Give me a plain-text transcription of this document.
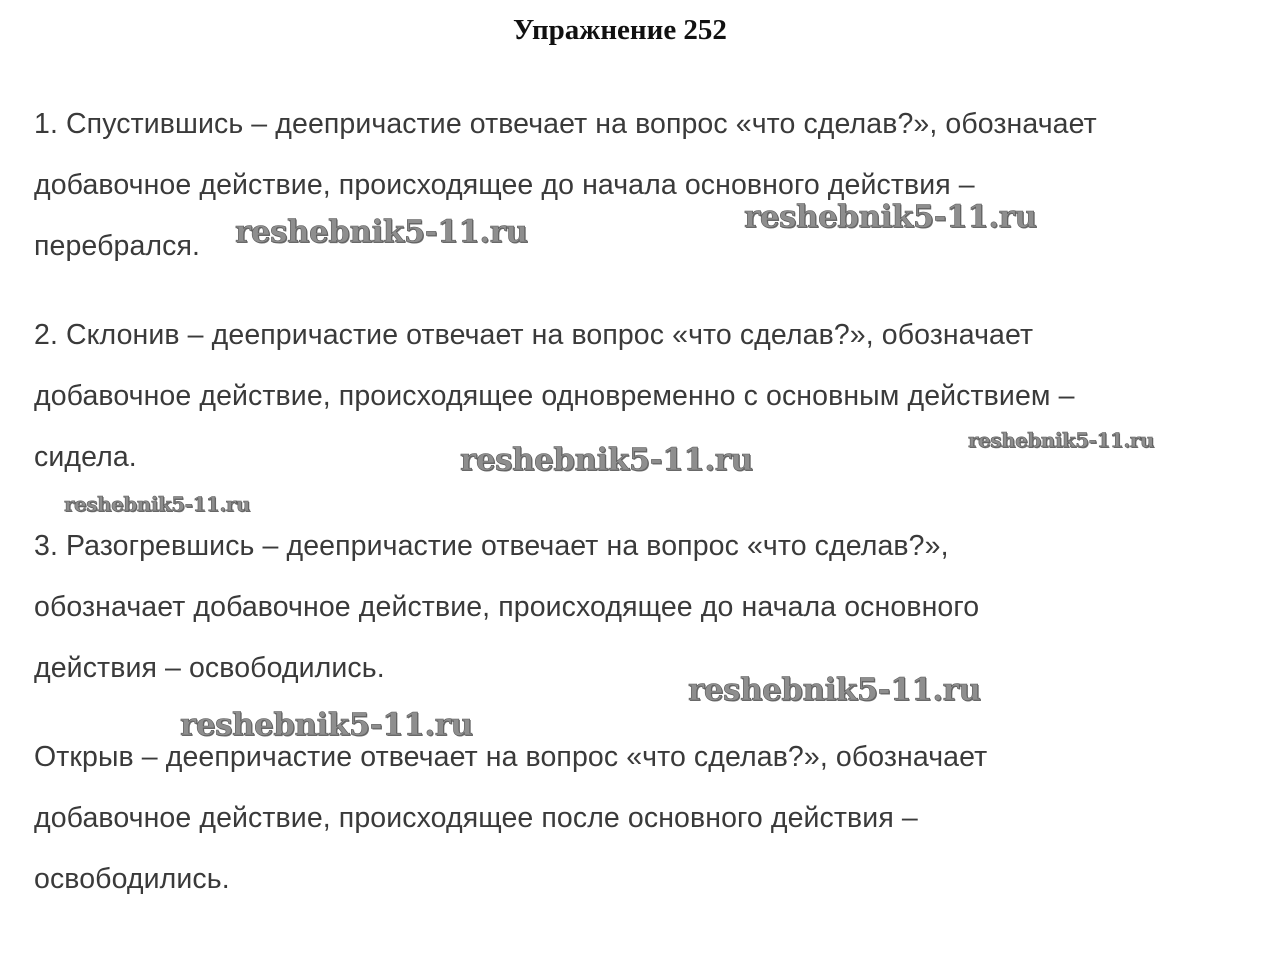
Упражнение 252

1. Спустившись – деепричастие отвечает на вопрос «что сделав?», обозначает

добавочное действие, происходящее до начала основного действия –

перебрался.

2. Склонив – деепричастие отвечает на вопрос «что сделав?», обозначает

добавочное действие, происходящее одновременно с основным действием –

сидела.

3. Разогревшись – деепричастие отвечает на вопрос «что сделав?»,

обозначает добавочное действие, происходящее до начала основного

действия – освободились.

Открыв – деепричастие отвечает на вопрос «что сделав?», обозначает

добавочное действие, происходящее после основного действия –

освободились.

reshebnik5-11.ru	reshebnik5-11.ru
reshebnik5-11.ru
reshebnik5-11.ru
reshebnik5-11.ru
reshebnik5-11.ru
reshebnik5-11.ru
